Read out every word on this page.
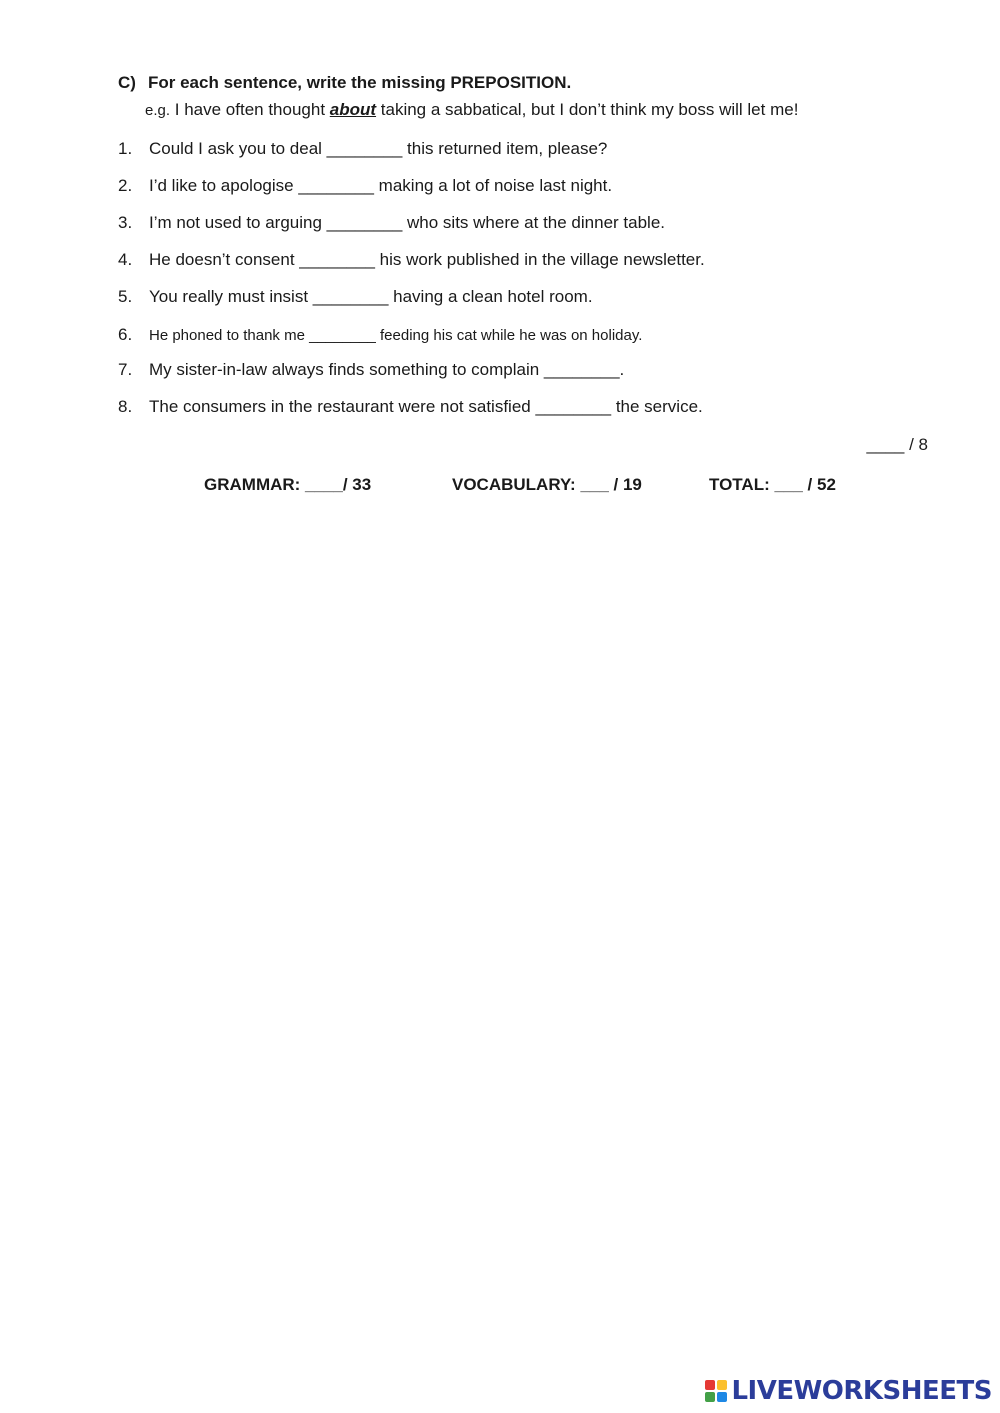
C) For each sentence, write the missing PREPOSITION.
e.g. I have often thought about taking a sabbatical, but I don’t think my boss will let me!
1. Could I ask you to deal ________ this returned item, please?
2. I’d like to apologise ________ making a lot of noise last night.
3. I’m not used to arguing ________ who sits where at the dinner table.
4. He doesn’t consent ________ his work published in the village newsletter.
5. You really must insist ________ having a clean hotel room.
6. He phoned to thank me ________ feeding his cat while he was on holiday.
7. My sister-in-law always finds something to complain ________.
8. The consumers in the restaurant were not satisfied ________ the service.
____ / 8
GRAMMAR: ____/ 33	VOCABULARY: ___ / 19	TOTAL: ___ / 52
LIVEWORKSHEETS
